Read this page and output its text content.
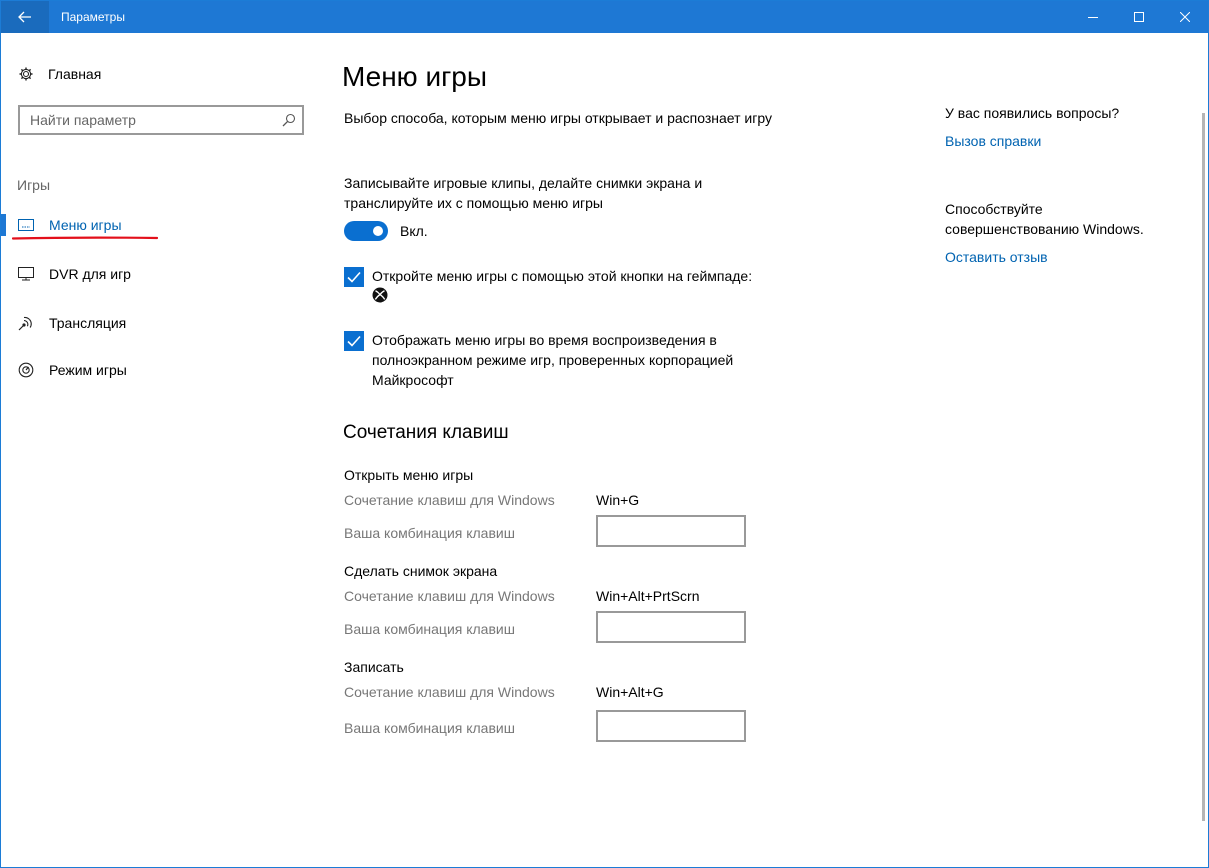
Параметры
Главная
Найти параметр
Игры
Меню игры
DVR для игр
Трансляция
Режим игры
Меню игры
Выбор способа, которым меню игры открывает и распознает игру
Записывайте игровые клипы, делайте снимки экрана и транслируйте их с помощью меню игры
Вкл.
Откройте меню игры с помощью этой кнопки на геймпаде:
Отображать меню игры во время воспроизведения в полноэкранном режиме игр, проверенных корпорацией Майкрософт
Сочетания клавиш
Открыть меню игры
Сочетание клавиш для Windows	Win+G
Ваша комбинация клавиш
Сделать снимок экрана
Сочетание клавиш для Windows	Win+Alt+PrtScrn
Ваша комбинация клавиш
Записать
Сочетание клавиш для Windows	Win+Alt+G
Ваша комбинация клавиш
У вас появились вопросы?
Вызов справки
Способствуйте совершенствованию Windows.
Оставить отзыв
